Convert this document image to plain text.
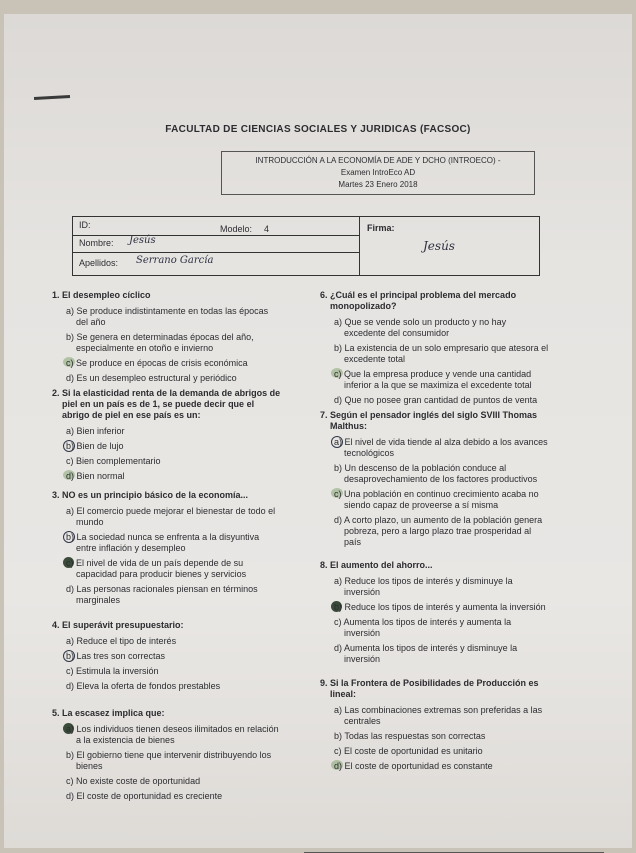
FACULTAD DE CIENCIAS SOCIALES Y JURIDICAS (FACSOC)
INTRODUCCIÓN A LA ECONOMÍA DE ADE Y DCHO (INTROECO) -
Examen IntroEco AD
Martes 23 Enero 2018
ID:	Modelo: 4
Nombre: Jesús
Apellidos: Serrano García
Firma:
Jesús
1. El desempleo cíclico
a) Se produce indistintamente en todas las épocas
del año
b) Se genera en determinadas épocas del año,
especialmente en otoño e invierno
c) Se produce en épocas de crisis económica
d) Es un desempleo estructural y periódico
2. Si la elasticidad renta de la demanda de abrigos de
piel en un país es de 1, se puede decir que el
abrigo de piel en ese país es un:
a) Bien inferior
b) Bien de lujo
c) Bien complementario
d) Bien normal
3. NO es un principio básico de la economía...
a) El comercio puede mejorar el bienestar de todo el
mundo
b) La sociedad nunca se enfrenta a la disyuntiva
entre inflación y desempleo
c) El nivel de vida de un país depende de su
capacidad para producir bienes y servicios
d) Las personas racionales piensan en términos
marginales
4. El superávit presupuestario:
a) Reduce el tipo de interés
b) Las tres son correctas
c) Estimula la inversión
d) Eleva la oferta de fondos prestables
5. La escasez implica que:
a) Los individuos tienen deseos ilimitados en relación
a la existencia de bienes
b) El gobierno tiene que intervenir distribuyendo los
bienes
c) No existe coste de oportunidad
d) El coste de oportunidad es creciente
6. ¿Cuál es el principal problema del mercado
monopolizado?
a) Que se vende solo un producto y no hay
excedente del consumidor
b) La existencia de un solo empresario que atesora el
excedente total
c) Que la empresa produce y vende una cantidad
inferior a la que se maximiza el excedente total
d) Que no posee gran cantidad de puntos de venta
7. Según el pensador inglés del siglo SVIII Thomas
Malthus:
a) El nivel de vida tiende al alza debido a los avances
tecnológicos
b) Un descenso de la población conduce al
desaprovechamiento de los factores productivos
c) Una población en continuo crecimiento acaba no
siendo capaz de proveerse a sí misma
d) A corto plazo, un aumento de la población genera
pobreza, pero a largo plazo trae prosperidad al
país
8. El aumento del ahorro...
a) Reduce los tipos de interés y disminuye la
inversión
b) Reduce los tipos de interés y aumenta la inversión
c) Aumenta los tipos de interés y aumenta la
inversión
d) Aumenta los tipos de interés y disminuye la
inversión
9. Si la Frontera de Posibilidades de Producción es
lineal:
a) Las combinaciones extremas son preferidas a las
centrales
b) Todas las respuestas son correctas
c) El coste de oportunidad es unitario
d) El coste de oportunidad es constante
